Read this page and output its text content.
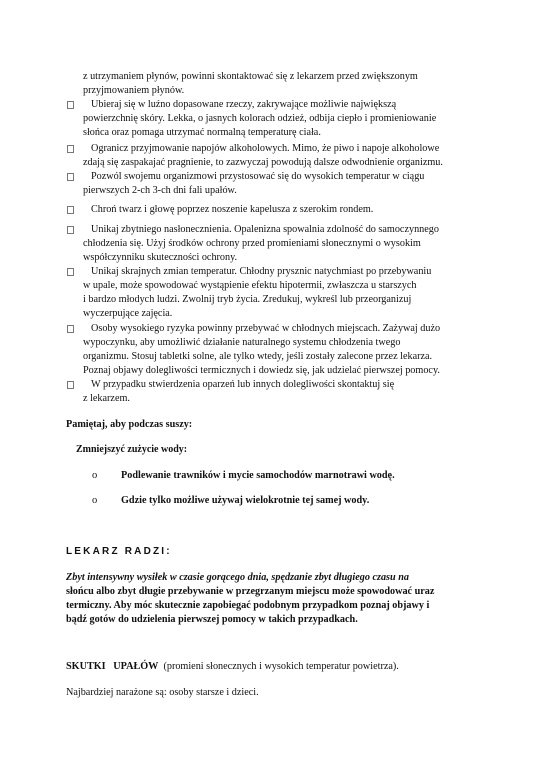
z utrzymaniem płynów, powinni skontaktować się z lekarzem przed zwiększonym
przyjmowaniem płynów.
Ubieraj się w luźno dopasowane rzeczy, zakrywające możliwie największą
powierzchnię skóry. Lekka, o jasnych kolorach odzież, odbija ciepło i promieniowanie
słońca oraz pomaga utrzymać normalną temperaturę ciała.
Ogranicz przyjmowanie napojów alkoholowych. Mimo, że piwo i napoje alkoholowe
zdają się zaspakajać pragnienie, to zazwyczaj powodują dalsze odwodnienie organizmu.
Pozwól swojemu organizmowi przystosować się do wysokich temperatur w ciągu
pierwszych 2-ch 3-ch dni fali upałów.
Chroń twarz i głowę poprzez noszenie kapelusza z szerokim rondem.
Unikaj zbytniego nasłonecznienia. Opalenizna spowalnia zdolność do samoczynnego
chłodzenia się. Użyj środków ochrony przed promieniami słonecznymi o wysokim
współczynniku skuteczności ochrony.
Unikaj skrajnych zmian temperatur. Chłodny prysznic natychmiast po przebywaniu
w upale, może spowodować wystąpienie efektu hipotermii, zwłaszcza u starszych
i bardzo młodych ludzi. Zwolnij tryb życia. Zredukuj, wykreśl lub przeorganizuj
wyczerpujące zajęcia.
Osoby wysokiego ryzyka powinny przebywać w chłodnych miejscach. Zażywaj dużo
wypoczynku, aby umożliwić działanie naturalnego systemu chłodzenia twego
organizmu. Stosuj tabletki solne, ale tylko wtedy, jeśli zostały zalecone przez lekarza.
Poznaj objawy dolegliwości termicznych i dowiedz się, jak udzielać pierwszej pomocy.
W przypadku stwierdzenia oparzeń lub innych dolegliwości skontaktuj się
z lekarzem.
Pamiętaj, aby podczas suszy:
Zmniejszyć zużycie wody:
o Podlewanie trawników i mycie samochodów marnotrawi wodę.
o Gdzie tylko możliwe używaj wielokrotnie tej samej wody.
LEKARZ RADZI:
Zbyt intensywny wysiłek w czasie gorącego dnia, spędzanie zbyt długiego czasu na
słońcu albo zbyt długie przebywanie w przegrzanym miejscu może spowodować uraz
termiczny. Aby móc skutecznie zapobiegać podobnym przypadkom poznaj objawy i
bądź gotów do udzielenia pierwszej pomocy w takich przypadkach.
SKUTKI   UPAŁÓW  (promieni słonecznych i wysokich temperatur powietrza).
Najbardziej narażone są: osoby starsze i dzieci.
